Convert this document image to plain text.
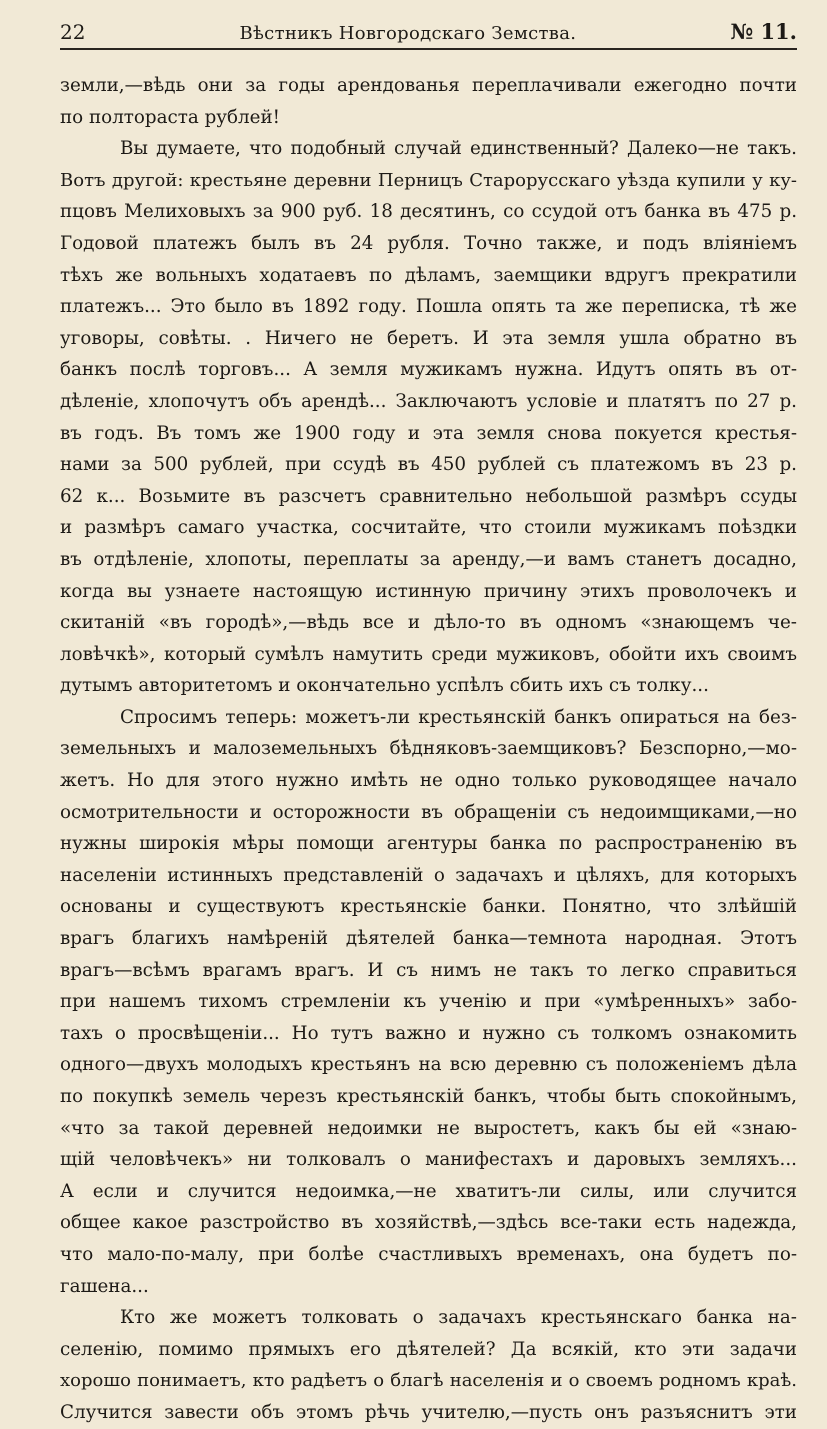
22	Вѣстникъ Новгородскаго Земства.	№ 11.
земли,—вѣдь они за годы арендованья переплачивали ежегодно почти
по полтораста рублей!
Вы думаете, что подобный случай единственный? Далеко—не такъ.
Вотъ другой: крестьяне деревни Перницъ Старорусскаго уѣзда купили у ку-
пцовъ Мелиховыхъ за 900 руб. 18 десятинъ, со ссудой отъ банка въ 475 р.
Годовой платежъ былъ въ 24 рубля. Точно также, и подъ вліяніемъ
тѣхъ же вольныхъ ходатаевъ по дѣламъ, заемщики вдругъ прекратили
платежъ... Это было въ 1892 году. Пошла опять та же переписка, тѣ же
уговоры, совѣты. . Ничего не беретъ. И эта земля ушла обратно въ
банкъ послѣ торговъ... А земля мужикамъ нужна. Идутъ опять въ от-
дѣленіе, хлопочутъ объ арендѣ... Заключаютъ условіе и платятъ по 27 р.
въ годъ. Въ томъ же 1900 году и эта земля снова покуется крестья-
нами за 500 рублей, при ссудѣ въ 450 рублей съ платежомъ въ 23 р.
62 к... Возьмите въ разсчетъ сравнительно небольшой размѣръ ссуды
и размѣръ самаго участка, сосчитайте, что стоили мужикамъ поѣздки
въ отдѣленіе, хлопоты, переплаты за аренду,—и вамъ станетъ досадно,
когда вы узнаете настоящую истинную причину этихъ проволочекъ и
скитаній «въ городѣ»,—вѣдь все и дѣло-то въ одномъ «знающемъ че-
ловѣчкѣ», который сумѣлъ намутить среди мужиковъ, обойти ихъ своимъ
дутымъ авторитетомъ и окончательно успѣлъ сбить ихъ съ толку...
Спросимъ теперь: можетъ-ли крестьянскій банкъ опираться на без-
земельныхъ и малоземельныхъ бѣдняковъ-заемщиковъ? Безспорно,—мо-
жетъ. Но для этого нужно имѣть не одно только руководящее начало
осмотрительности и осторожности въ обращеніи съ недоимщиками,—но
нужны широкія мѣры помощи агентуры банка по распространенію въ
населеніи истинныхъ представленій о задачахъ и цѣляхъ, для которыхъ
основаны и существуютъ крестьянскіе банки. Понятно, что злѣйшій
врагъ благихъ намѣреній дѣятелей банка—темнота народная. Этотъ
врагъ—всѣмъ врагамъ врагъ. И съ нимъ не такъ то легко справиться
при нашемъ тихомъ стремленіи къ ученію и при «умѣренныхъ» забо-
тахъ о просвѣщеніи... Но тутъ важно и нужно съ толкомъ ознакомить
одного—двухъ молодыхъ крестьянъ на всю деревню съ положеніемъ дѣла
по покупкѣ земель черезъ крестьянскій банкъ, чтобы быть спокойнымъ,
«что за такой деревней недоимки не выростетъ, какъ бы ей «знаю-
щій человѣчекъ» ни толковалъ о манифестахъ и даровыхъ земляхъ...
А если и случится недоимка,—не хватитъ-ли силы, или случится
общее какое разстройство въ хозяйствѣ,—здѣсь все-таки есть надежда,
что мало-по-малу, при болѣе счастливыхъ временахъ, она будетъ по-
гашена...
Кто же можетъ толковать о задачахъ крестьянскаго банка на-
селенію, помимо прямыхъ его дѣятелей? Да всякій, кто эти задачи
хорошо понимаетъ, кто радѣетъ о благѣ населенія и о своемъ родномъ краѣ.
Случится завести объ этомъ рѣчь учителю,—пусть онъ разъяснитъ эти
